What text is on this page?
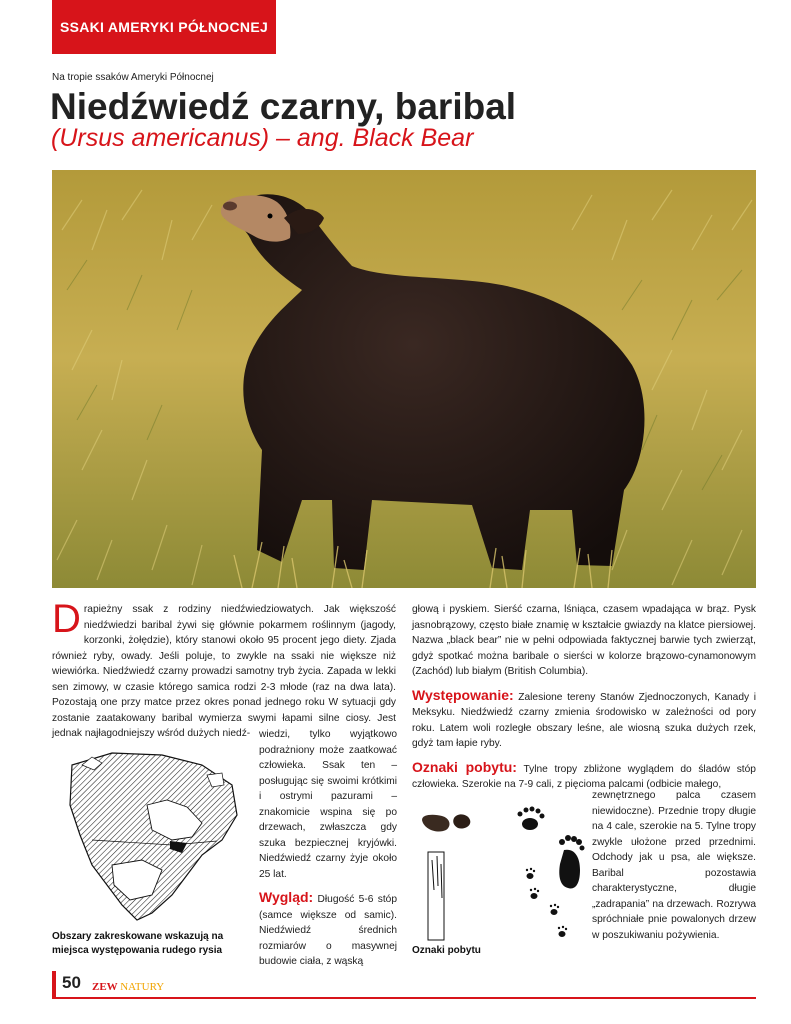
SSAKI AMERYKI PÓŁNOCNEJ
Na tropie ssaków Ameryki Północnej
Niedźwiedź czarny, baribal
(Ursus americanus) – ang. Black Bear

Drapieżny ssak z rodziny niedźwiedziowatych. Jak większość niedźwiedzi baribal żywi się głównie pokarmem roślinnym (jagody, korzonki, żołędzie), który stanowi około 95 procent jego diety. Zjada również ryby, owady. Jeśli poluje, to zwykle na ssaki nie większe niż wiewiórka. Niedźwiedź czarny prowadzi samotny tryb życia. Zapada w lekki sen zimowy, w czasie którego samica rodzi 2-3 młode (raz na dwa lata). Pozostają one przy matce przez okres ponad jednego roku W sytuacji gdy zostanie zaatakowany baribal wymierza swymi łapami silne ciosy. Jest jednak najłagodniejszy wśród dużych niedź- wiedzi, tylko wyjątkowo podrażniony może zaatkować człowieka. Ssak ten – posługując się swoimi krótkimi i ostrymi pazurami – znakomicie wspina się po drzewach, zwłaszcza gdy szuka bezpiecznej kryjówki. Niedźwiedź czarny żyje około 25 lat.

Wygląd: Długość 5-6 stóp (samce większe od samic). Niedźwiedź średnich rozmiarów o masywnej budowie ciała, z wąską

Obszary zakreskowane wskazują na miejsca występowania rudego rysia

głową i pyskiem. Sierść czarna, lśniąca, czasem wpadająca w brąz. Pysk jasnobrązowy, często białe znamię w kształcie gwiazdy na klatce piersiowej. Nazwa „black bear” nie w pełni odpowiada faktycznej barwie tych zwierząt, gdyż spotkać można baribale o sierści w kolorze brązowo-cynamonowym (Zachód) lub białym (British Columbia).

Występowanie: Zalesione tereny Stanów Zjednoczonych, Kanady i Meksyku. Niedźwiedź czarny zmienia środowisko w zależności od pory roku. Latem woli rozległe obszary leśne, ale wiosną szuka dużych rzek, gdyż tam łapie ryby.

Oznaki pobytu: Tylne tropy zbliżone wyglądem do śladów stóp człowieka. Szerokie na 7-9 cali, z pięcioma palcami (odbicie małego,

zewnętrznego palca czasem niewidoczne). Przednie tropy długie na 4 cale, szerokie na 5. Tylne tropy zwykle ułożone przed przednimi. Odchody jak u psa, ale większe. Baribal pozostawia charakterystyczne, długie „zadrapania” na drzewach. Rozrywa spróchniałe pnie powalonych drzew w poszukiwaniu pożywienia.

Oznaki pobytu
50 ZEW NATURY
